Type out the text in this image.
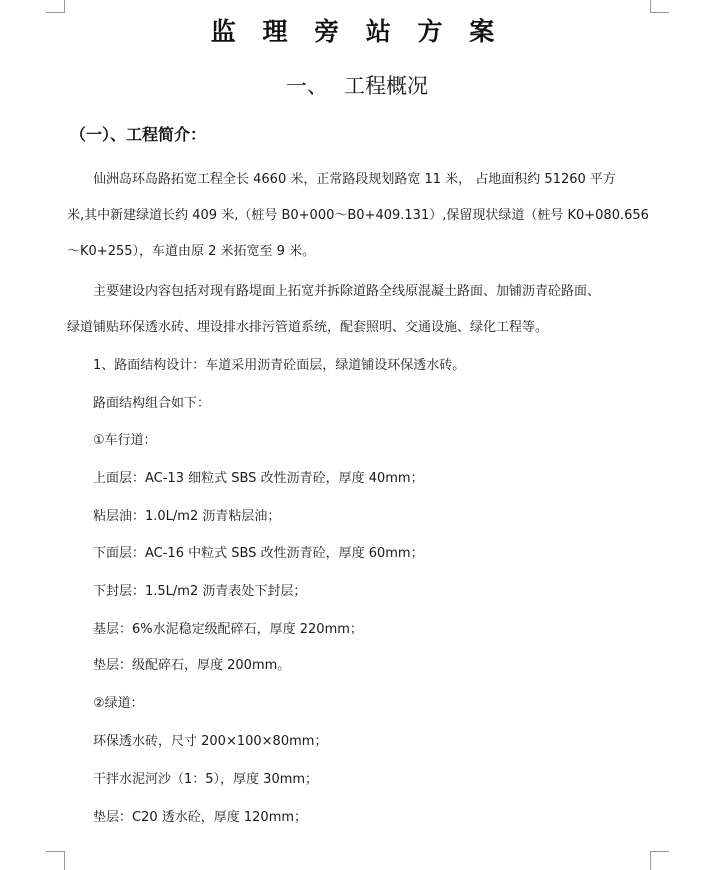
监 理 旁 站 方 案
一、 工程概况
（一）、工程简介：
仙洲岛环岛路拓宽工程全长 4660 米，正常路段规划路宽 11 米， 占地面积约 51260 平方
米,其中新建绿道长约 409 米,（桩号 B0+000～B0+409.131）,保留现状绿道（桩号 K0+080.656
～K0+255），车道由原 2 米拓宽至 9 米。
主要建设内容包括对现有路堤面上拓宽并拆除道路全线原混凝土路面、加铺沥青砼路面、
绿道铺贴环保透水砖、埋设排水排污管道系统，配套照明、交通设施、绿化工程等。
1、路面结构设计：车道采用沥青砼面层，绿道铺设环保透水砖。
路面结构组合如下：
①车行道：
上面层：AC-13 细粒式 SBS 改性沥青砼，厚度 40mm；
粘层油：1.0L/m2 沥青粘层油；
下面层：AC-16 中粒式 SBS 改性沥青砼，厚度 60mm；
下封层：1.5L/m2 沥青表处下封层；
基层：6%水泥稳定级配碎石，厚度 220mm；
垫层：级配碎石，厚度 200mm。
②绿道：
环保透水砖，尺寸 200×100×80mm；
干拌水泥河沙（1：5），厚度 30mm；
垫层：C20 透水砼，厚度 120mm；
